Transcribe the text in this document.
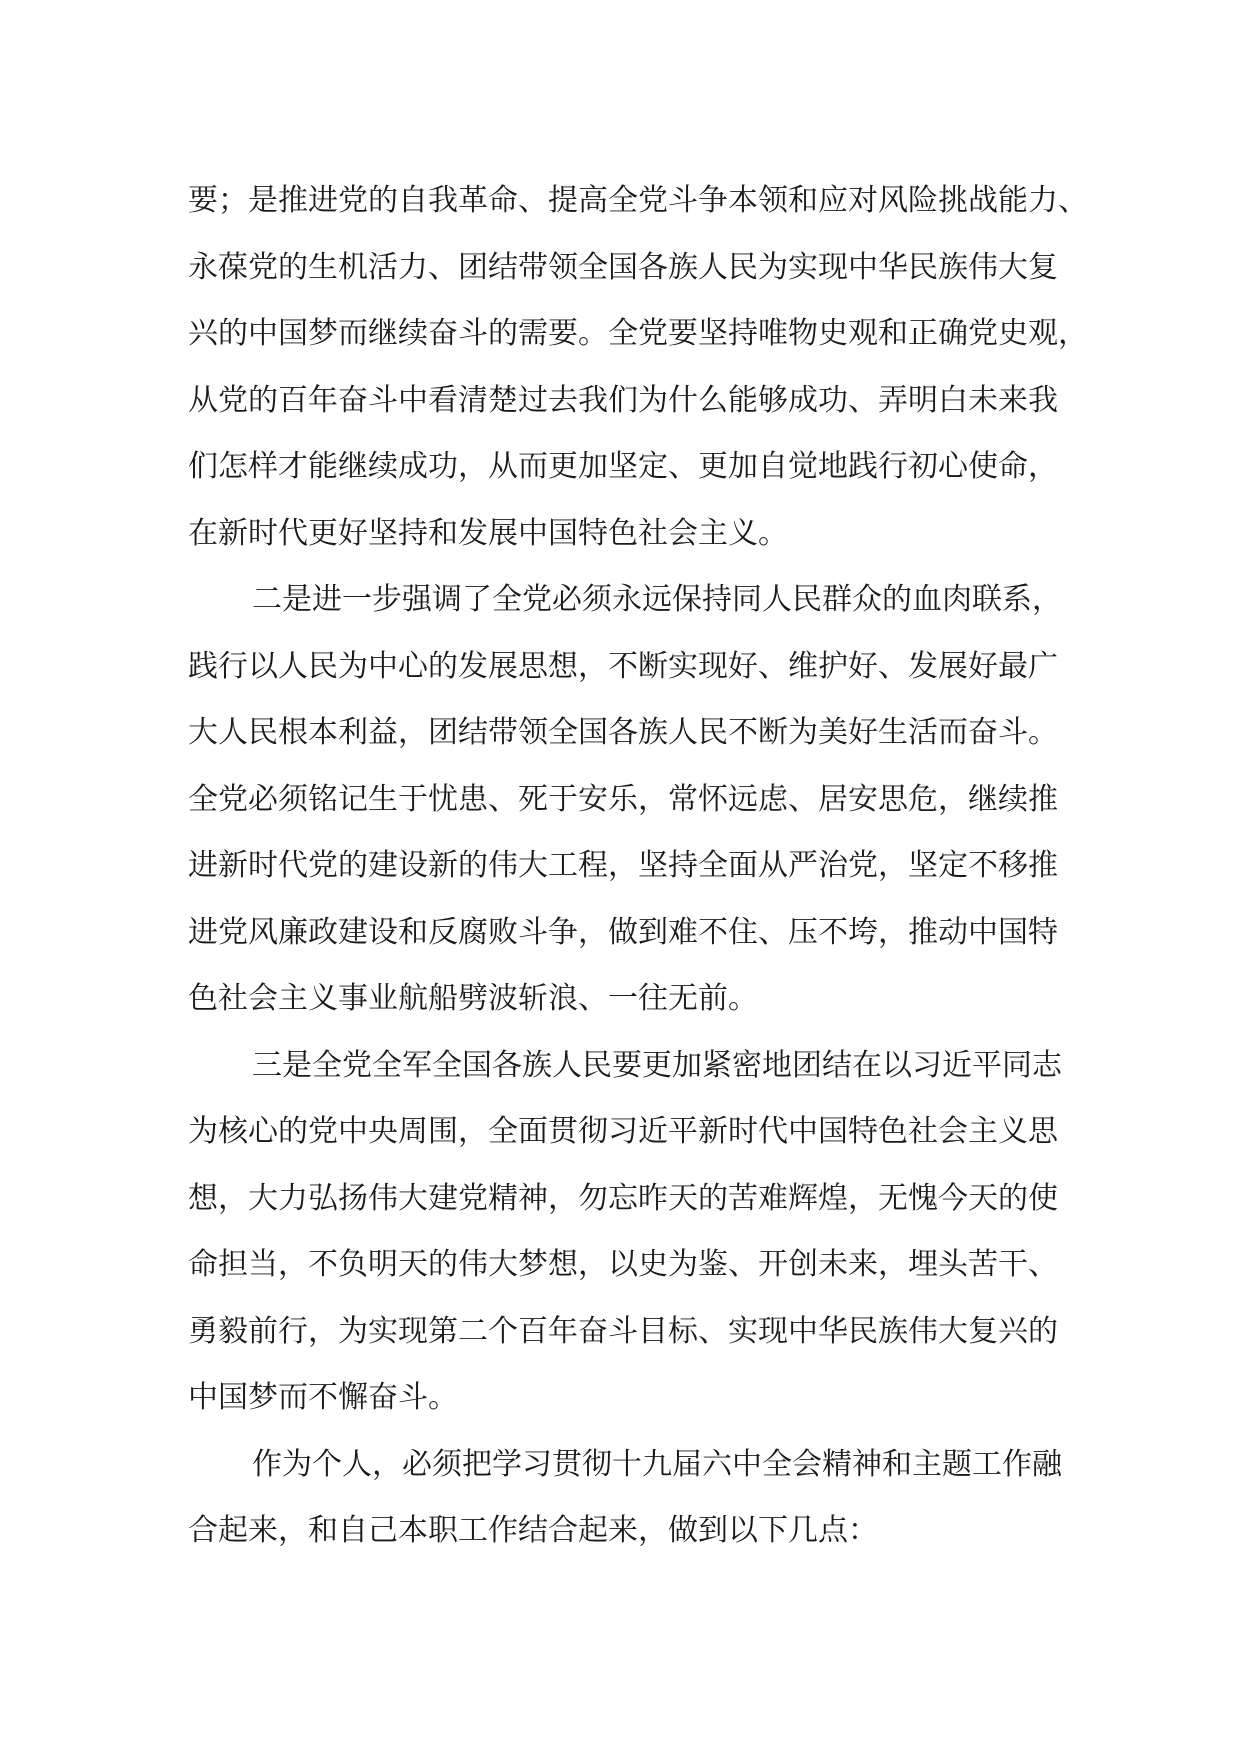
要；是推进党的自我革命、提高全党斗争本领和应对风险挑战能力、
永葆党的生机活力、团结带领全国各族人民为实现中华民族伟大复
兴的中国梦而继续奋斗的需要。全党要坚持唯物史观和正确党史观，
从党的百年奋斗中看清楚过去我们为什么能够成功、弄明白未来我
们怎样才能继续成功，从而更加坚定、更加自觉地践行初心使命，
在新时代更好坚持和发展中国特色社会主义。

二是进一步强调了全党必须永远保持同人民群众的血肉联系，
践行以人民为中心的发展思想，不断实现好、维护好、发展好最广
大人民根本利益，团结带领全国各族人民不断为美好生活而奋斗。
全党必须铭记生于忧患、死于安乐，常怀远虑、居安思危，继续推
进新时代党的建设新的伟大工程，坚持全面从严治党，坚定不移推
进党风廉政建设和反腐败斗争，做到难不住、压不垮，推动中国特
色社会主义事业航船劈波斩浪、一往无前。

三是全党全军全国各族人民要更加紧密地团结在以习近平同志
为核心的党中央周围，全面贯彻习近平新时代中国特色社会主义思
想，大力弘扬伟大建党精神，勿忘昨天的苦难辉煌，无愧今天的使
命担当，不负明天的伟大梦想，以史为鉴、开创未来，埋头苦干、
勇毅前行，为实现第二个百年奋斗目标、实现中华民族伟大复兴的
中国梦而不懈奋斗。

作为个人，必须把学习贯彻十九届六中全会精神和主题工作融
合起来，和自己本职工作结合起来，做到以下几点：
